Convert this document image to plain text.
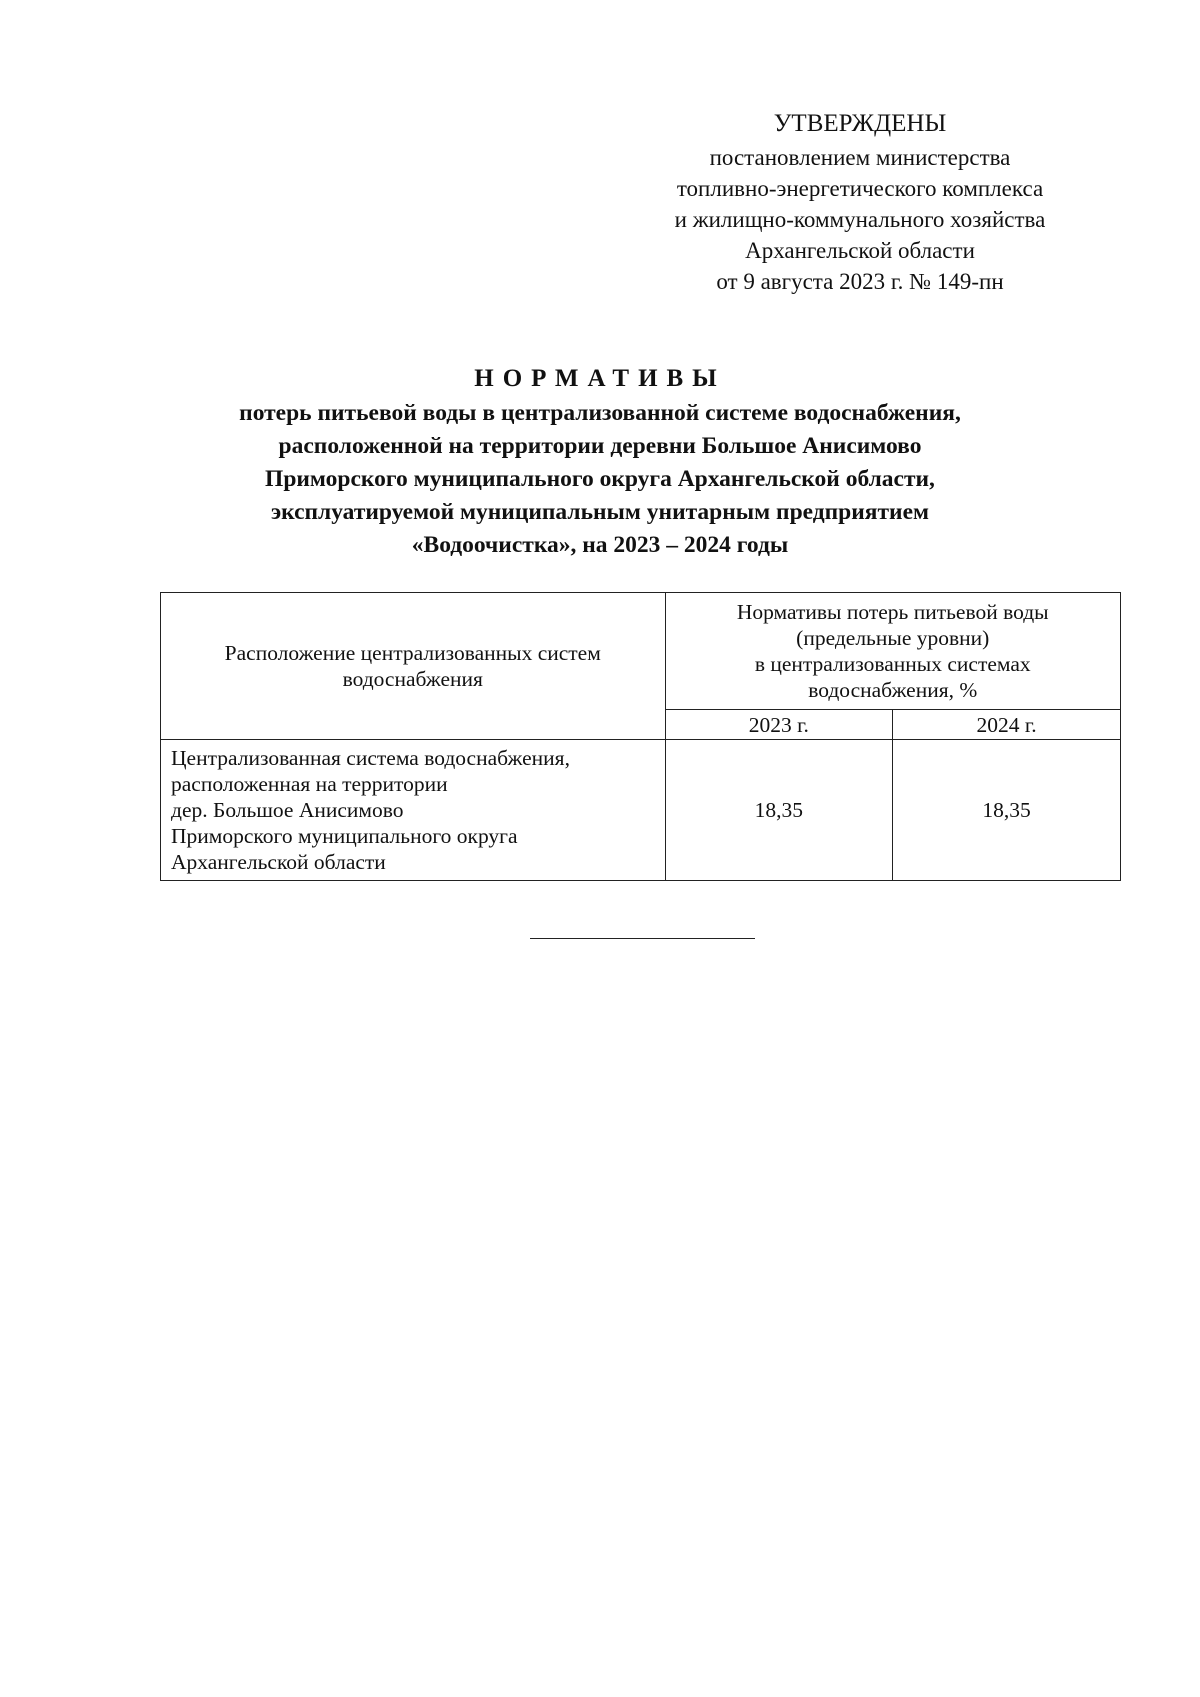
УТВЕРЖДЕНЫ
постановлением министерства
топливно-энергетического комплекса
и жилищно-коммунального хозяйства
Архангельской области
от 9 августа 2023 г. № 149-пн
НОРМАТИВЫ
потерь питьевой воды в централизованной системе водоснабжения,
расположенной на территории деревни Большое Анисимово
Приморского муниципального округа Архангельской области,
эксплуатируемой муниципальным унитарным предприятием
«Водоочистка», на 2023 – 2024 годы
Расположение централизованных систем водоснабжения	Нормативы потерь питьевой воды
(предельные уровни)
в централизованных системах
водоснабжения, %	

	2023 г.	2024 г.

Централизованная система водоснабжения,
расположенная на территории
дер. Большое Анисимово
Приморского муниципального округа
Архангельской области	18,35	18,35
